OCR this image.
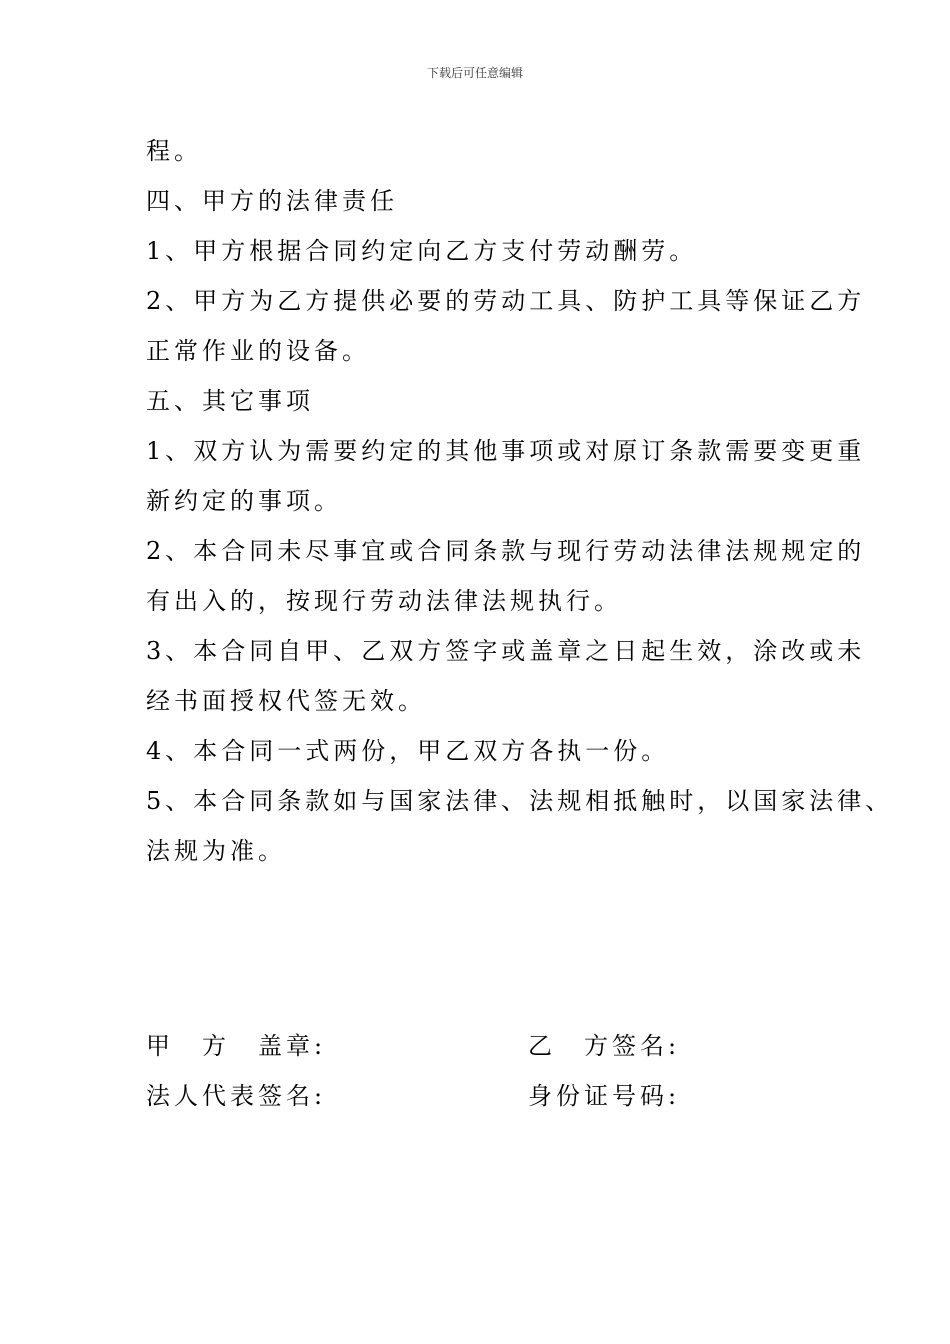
下载后可任意编辑
程。
四、甲方的法律责任
1、甲方根据合同约定向乙方支付劳动酬劳。
2、甲方为乙方提供必要的劳动工具、防护工具等保证乙方
正常作业的设备。
五、其它事项
1、双方认为需要约定的其他事项或对原订条款需要变更重
新约定的事项。
2、本合同未尽事宜或合同条款与现行劳动法律法规规定的
有出入的，按现行劳动法律法规执行。
3、本合同自甲、乙双方签字或盖章之日起生效，涂改或未
经书面授权代签无效。
4、本合同一式两份，甲乙双方各执一份。
5、本合同条款如与国家法律、法规相抵触时，以国家法律、
法规为准。
甲　方　盖章:
法人代表签名:
乙　方签名:
身份证号码:
